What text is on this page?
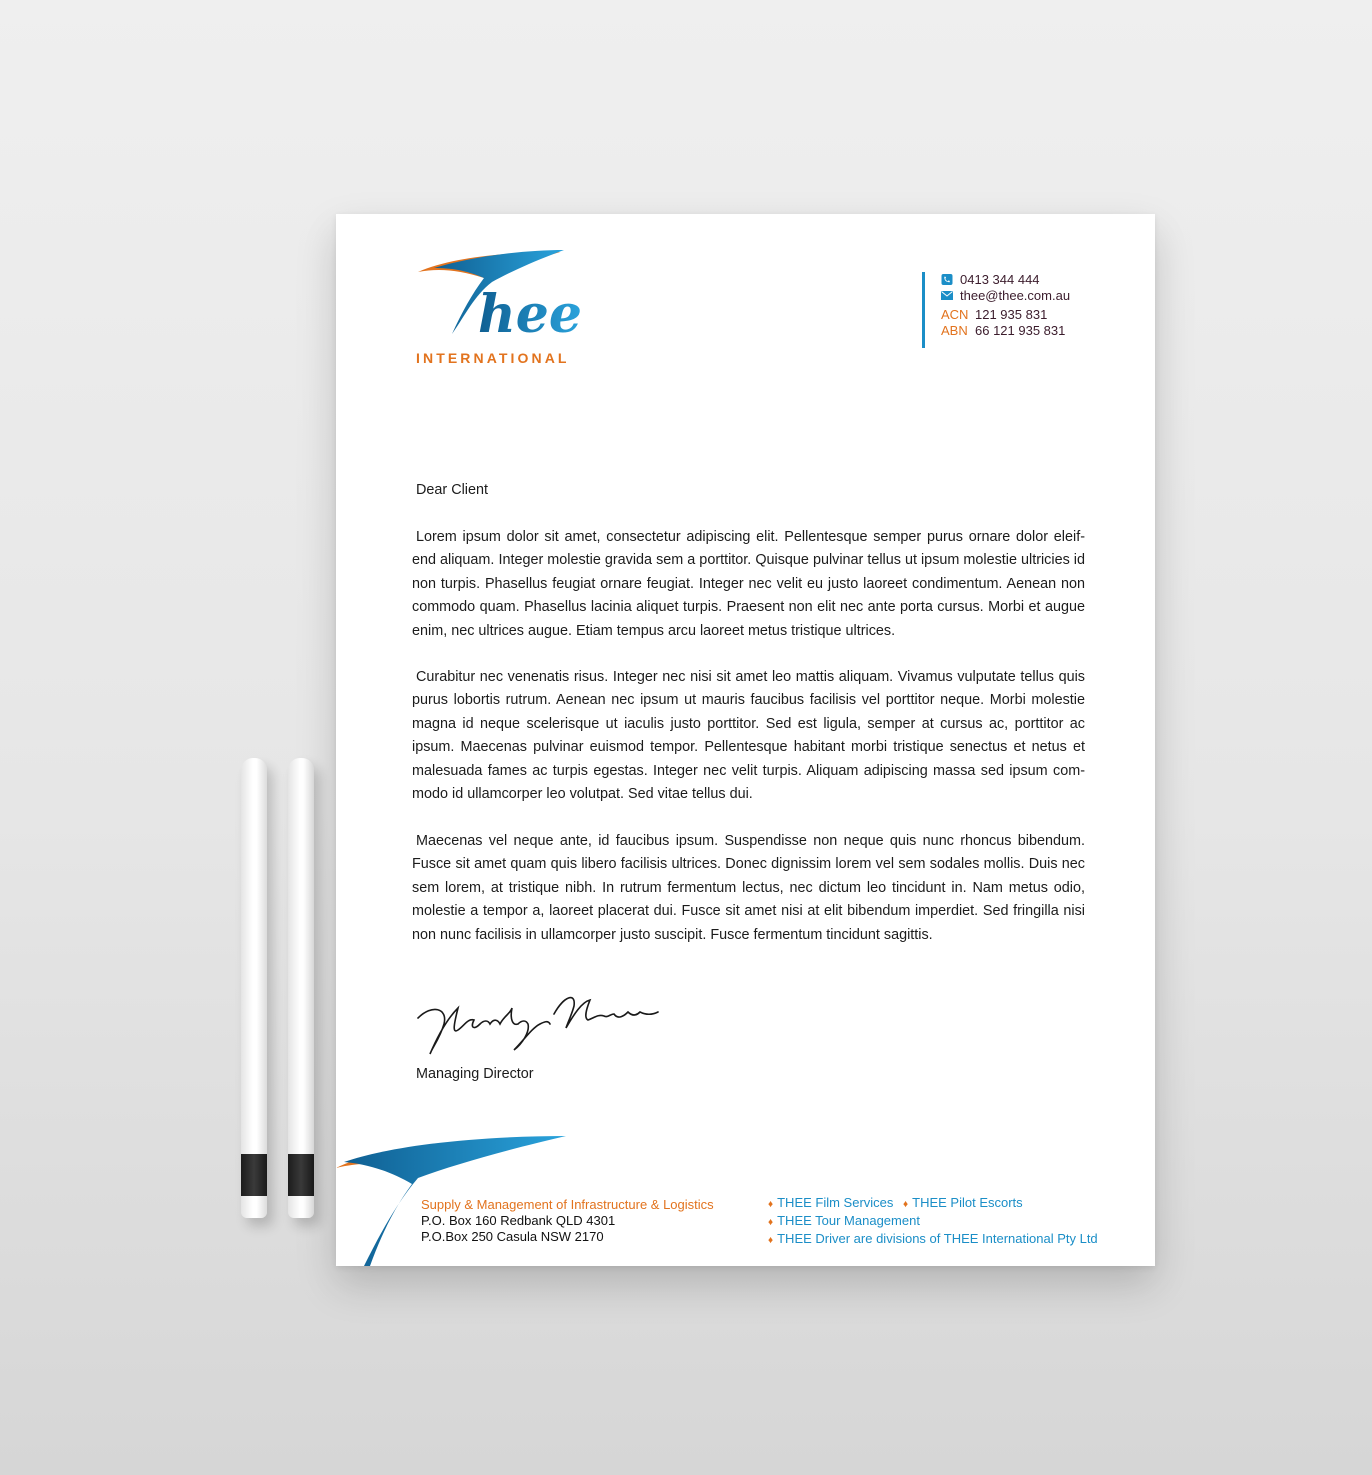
hee
INTERNATIONAL
0413 344 444
thee@thee.com.au
ACN 121 935 831
ABN 66 121 935 831
Dear Client

Lorem ipsum dolor sit amet, consectetur adipiscing elit. Pellentesque semper purus ornare dolor eleif-end aliquam. Integer molestie gravida sem a porttitor. Quisque pulvinar tellus ut ipsum molestie ultricies id non turpis. Phasellus feugiat ornare feugiat. Integer nec velit eu justo laoreet condimentum. Aenean non commodo quam. Phasellus lacinia aliquet turpis. Praesent non elit nec ante porta cursus. Morbi et augue enim, nec ultrices augue. Etiam tempus arcu laoreet metus tristique ultrices.

Curabitur nec venenatis risus. Integer nec nisi sit amet leo mattis aliquam. Vivamus vulputate tellus quis purus lobortis rutrum. Aenean nec ipsum ut mauris faucibus facilisis vel porttitor neque. Morbi molestie magna id neque scelerisque ut iaculis justo porttitor. Sed est ligula, semper at cursus ac, porttitor ac ipsum. Maecenas pulvinar euismod tempor. Pellentesque habitant morbi tristique senectus et netus et malesuada fames ac turpis egestas. Integer nec velit turpis. Aliquam adipiscing massa sed ipsum com-modo id ullamcorper leo volutpat. Sed vitae tellus dui.

Maecenas vel neque ante, id faucibus ipsum. Suspendisse non neque quis nunc rhoncus bibendum. Fusce sit amet quam quis libero facilisis ultrices. Donec dignissim lorem vel sem sodales mollis. Duis nec sem lorem, at tristique nibh. In rutrum fermentum lectus, nec dictum leo tincidunt in. Nam metus odio, molestie a tempor a, laoreet placerat dui. Fusce sit amet nisi at elit bibendum imperdiet. Sed fringilla nisi non nunc facilisis in ullamcorper justo suscipit. Fusce fermentum tincidunt sagittis.

Managing Director
Supply & Management of Infrastructure & Logistics
P.O. Box 160 Redbank QLD 4301
P.O.Box 250 Casula NSW 2170
♦ THEE Film Services ♦ THEE Pilot Escorts
♦ THEE Tour Management
♦ THEE Driver are divisions of THEE International Pty Ltd
